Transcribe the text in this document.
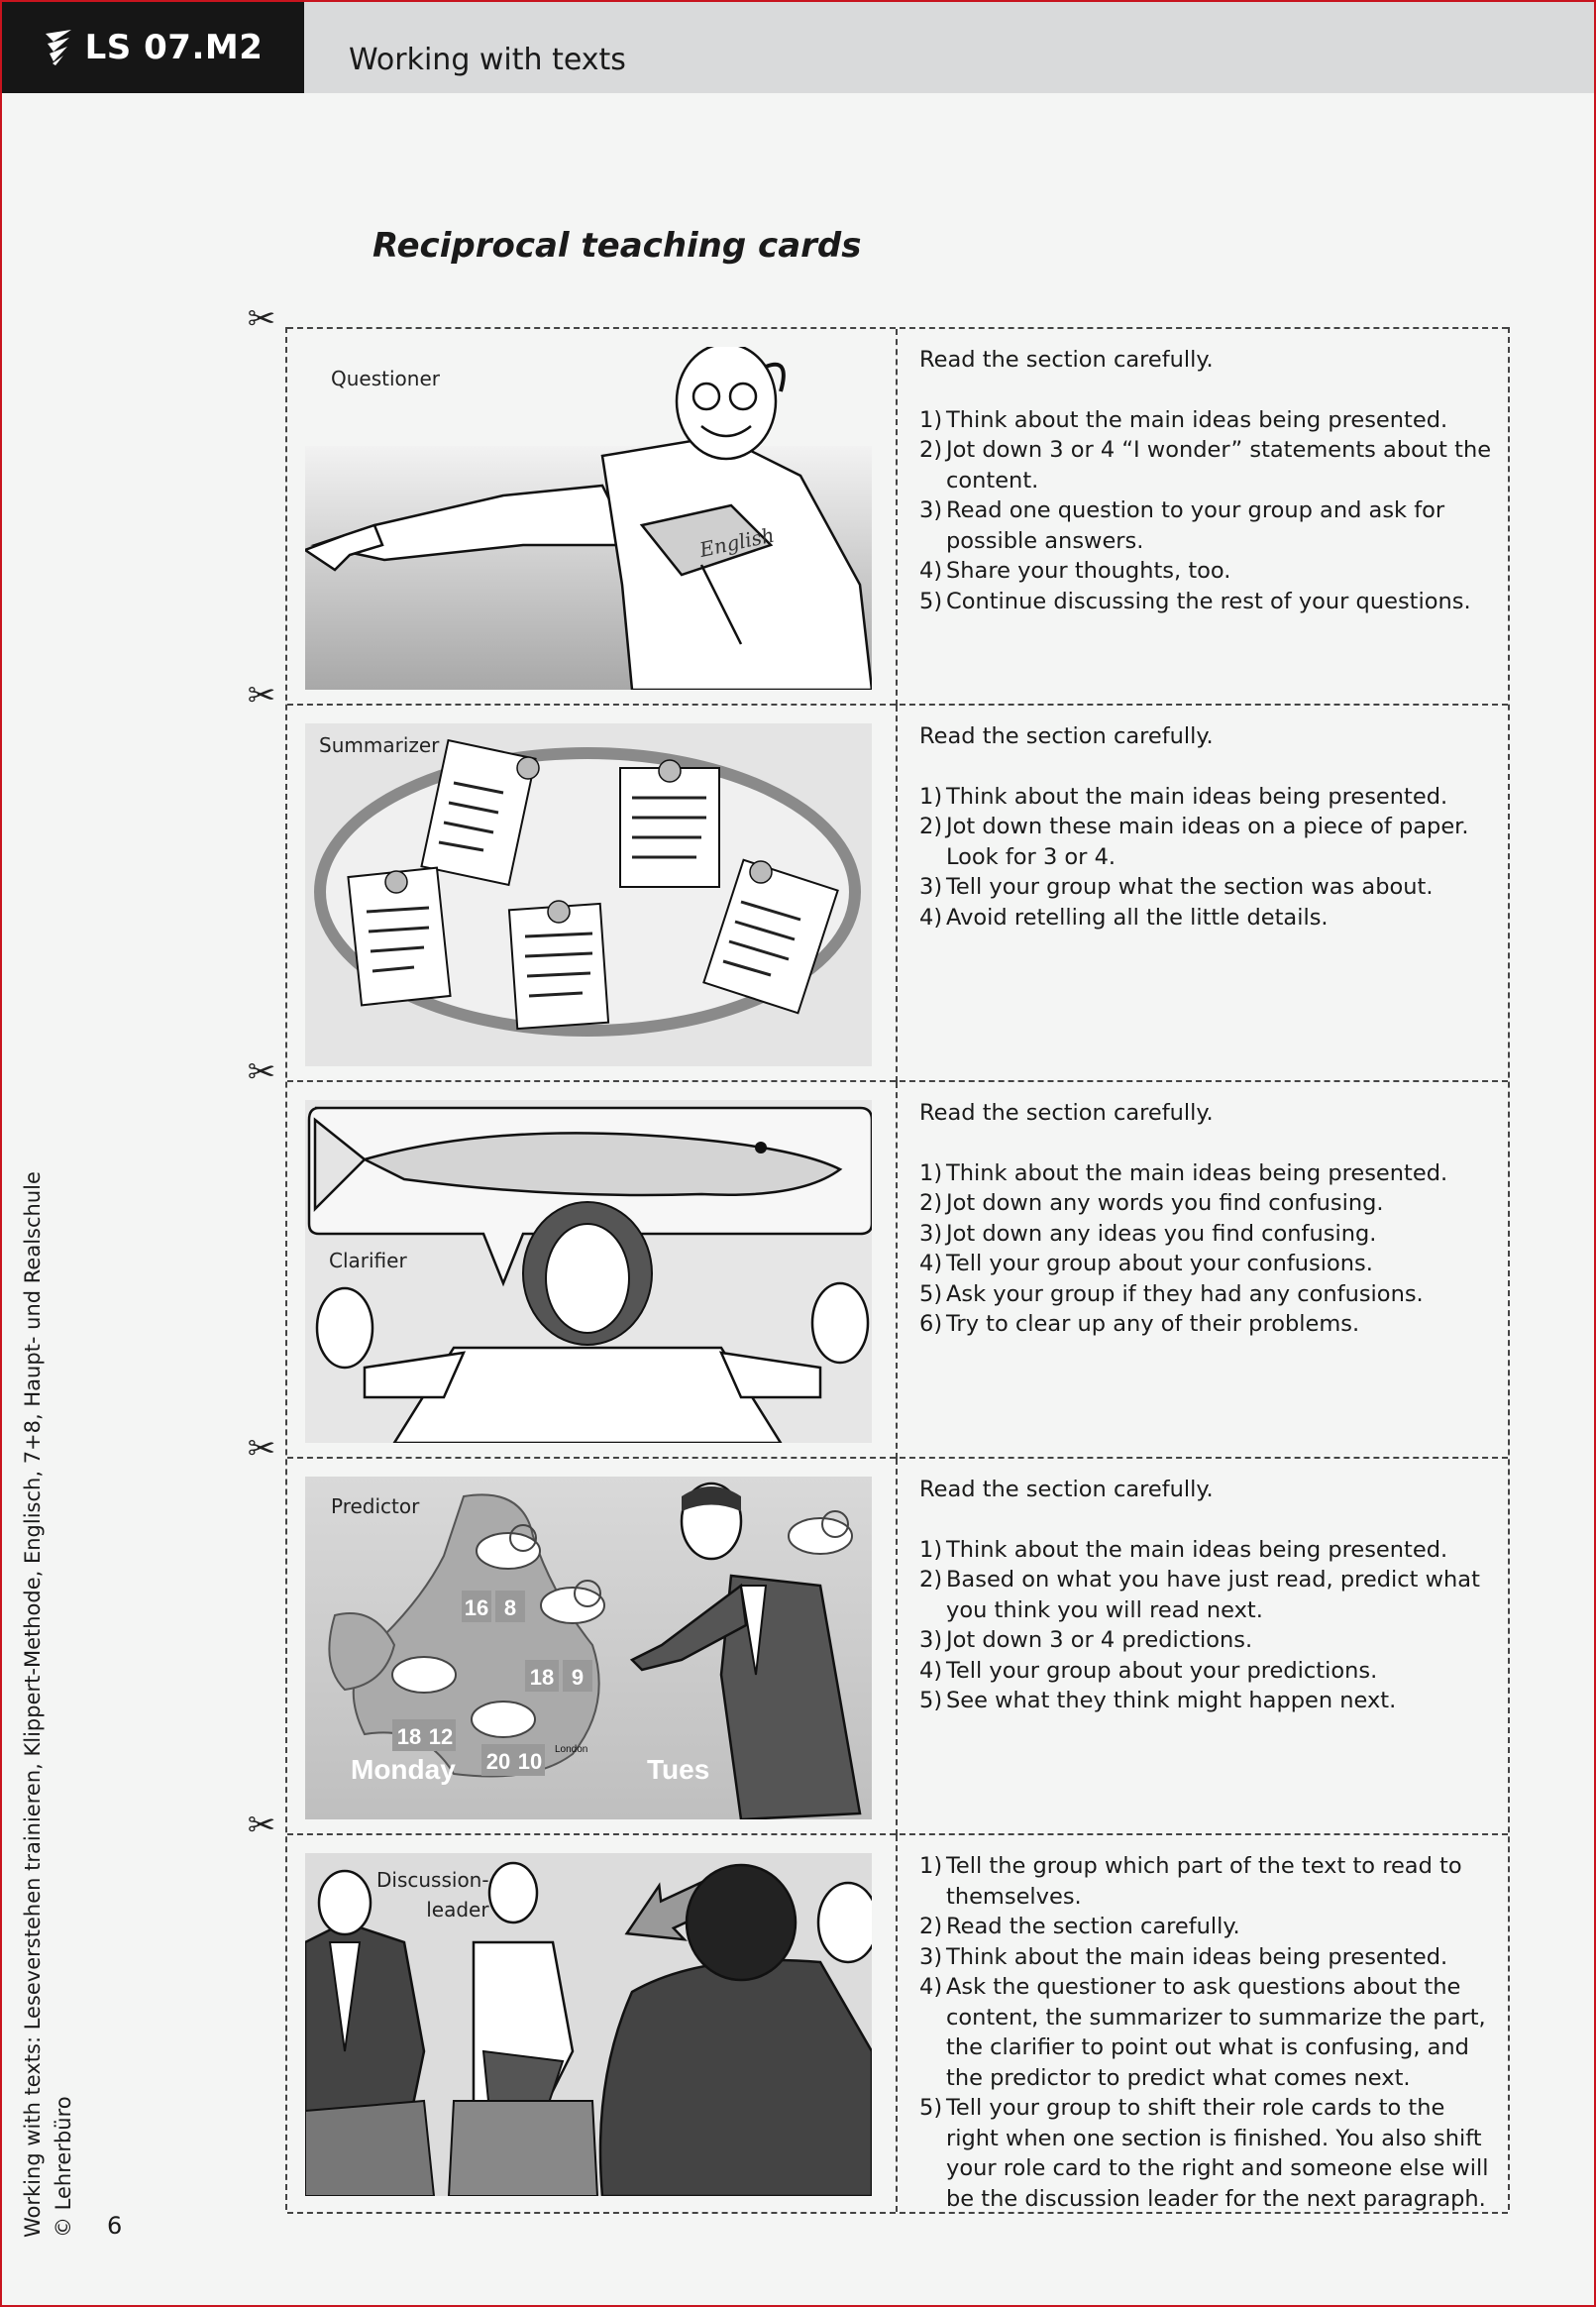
LS 07.M2	Working with texts
Working with texts: Leseverstehen trainieren, Klippert-Methode, Englisch, 7+8, Haupt- und Realschule © Lehrerbüro 6
Reciprocal teaching cards
✂
English
Questioner

Read the section carefully.

1) Think about the main ideas being presented.
2) Jot down 3 or 4 “I wonder” statements about the content.
3) Read one question to your group and ask for possible answers.
4) Share your thoughts, too.
5) Continue discussing the rest of your questions.
✂
Summarizer	Read the section carefully.

1) Think about the main ideas being presented.
2) Jot down these main ideas on a piece of paper. Look for 3 or 4.
3) Tell your group what the section was about.
4) Avoid retelling all the little details.
✂
Clarifier

Read the section carefully.

1) Think about the main ideas being presented.
2) Jot down any words you find confusing.
3) Jot down any ideas you find confusing.
4) Tell your group about your confusions.
5) Ask your group if they had any confusions.
6) Try to clear up any of their problems.
✂
16 8
18 9
18 12
20 10 London
Monday	Tues
Predictor

Read the section carefully.

1) Think about the main ideas being presented.
2) Based on what you have just read, predict what you think you will read next.
3) Jot down 3 or 4 predictions.
4) Tell your group about your predictions.
5) See what they think might happen next.
✂
Discussion-
leader
1) Tell the group which part of the text to read to themselves.
2) Read the section carefully.
3) Think about the main ideas being presented.
4) Ask the questioner to ask questions about the content, the summarizer to summarize the part, the clarifier to point out what is confusing, and the predictor to predict what comes next.
5) Tell your group to shift their role cards to the right when one section is finished. You also shift your role card to the right and someone else will be the discussion leader for the next paragraph.
